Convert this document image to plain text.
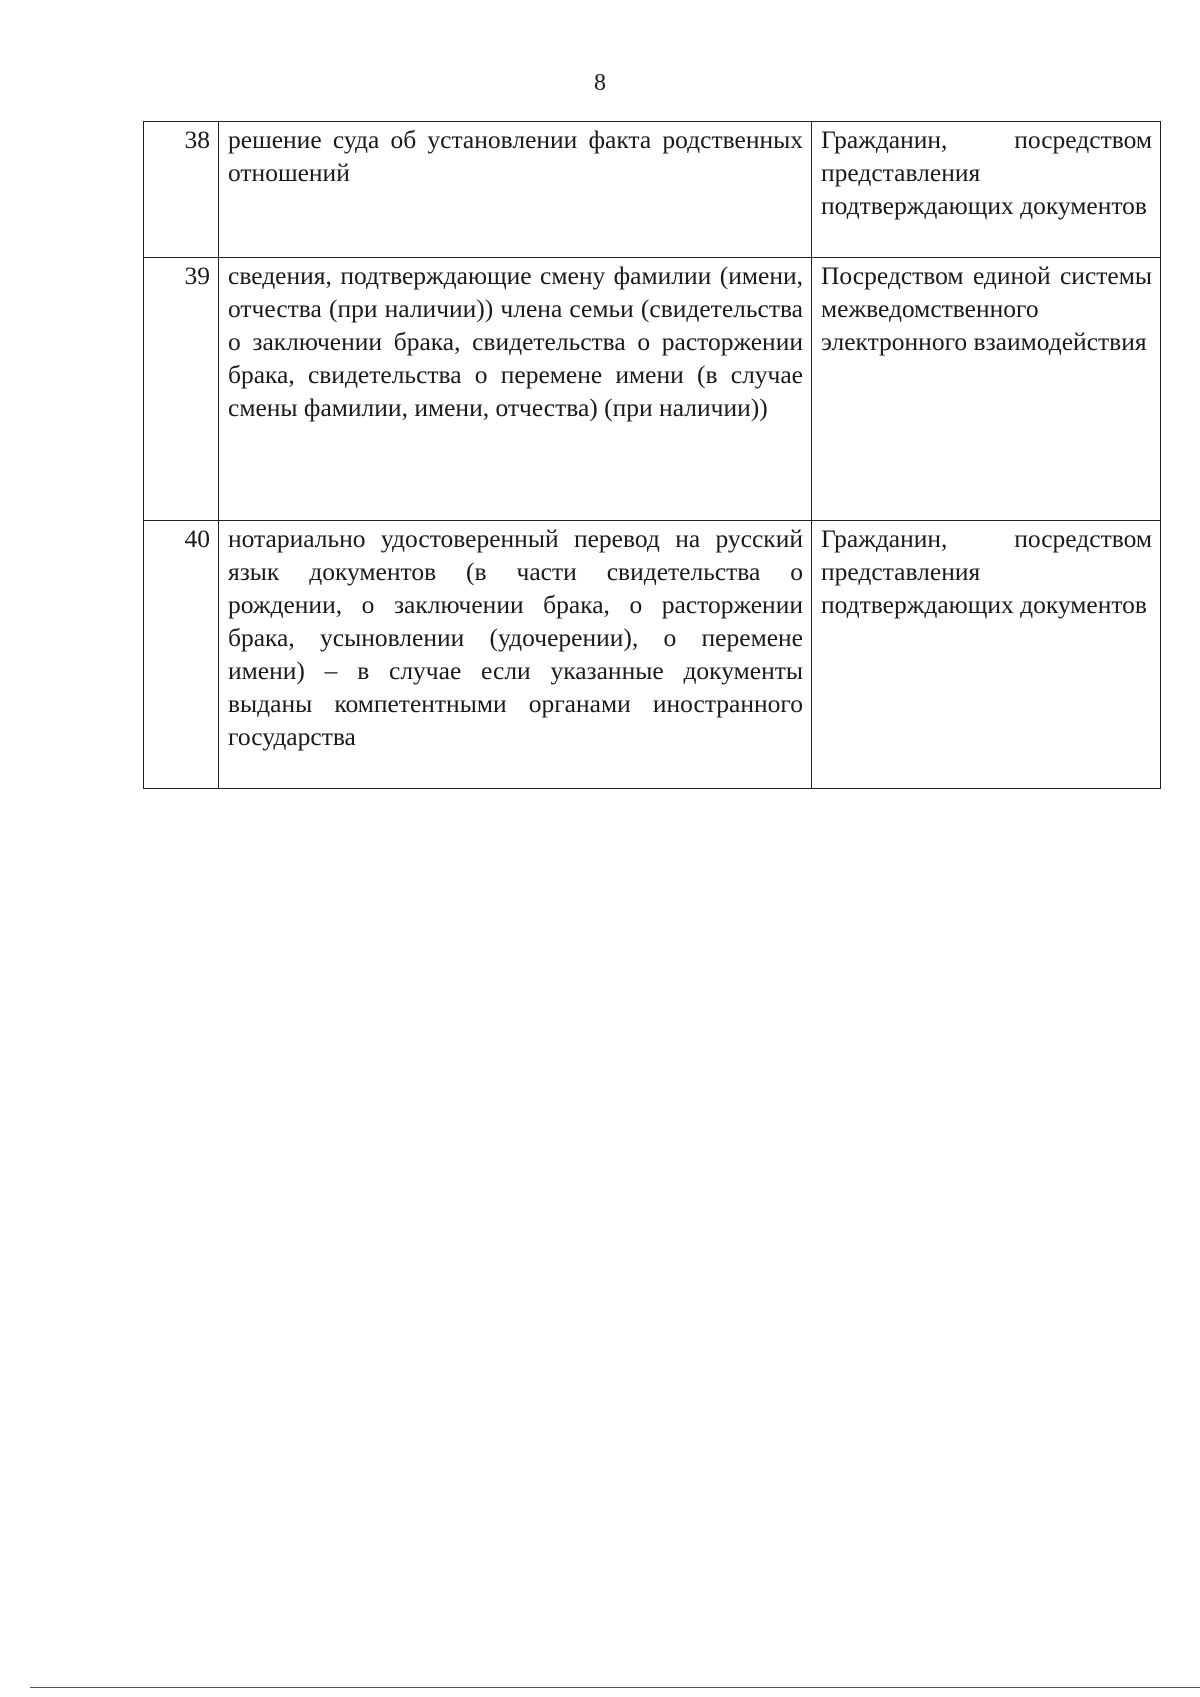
8
38	решение суда об установлении факта родственных отношений	Гражданин, посредством представления подтверждающих документов
39	сведения, подтверждающие смену фамилии (имени, отчества (при наличии)) члена семьи (свидетельства о заключении брака, свидетельства о расторжении брака, свидетельства о перемене имени (в случае смены фамилии, имени, отчества) (при наличии))	Посредством единой системы межведомственного электронного взаимодействия
40	нотариально удостоверенный перевод на русский язык документов (в части свидетельства о рождении, о заключении брака, о расторжении брака, усыновлении (удочерении), о перемене имени) – в случае если указанные документы выданы компетентными органами иностранного государства	Гражданин, посредством представления подтверждающих документов
